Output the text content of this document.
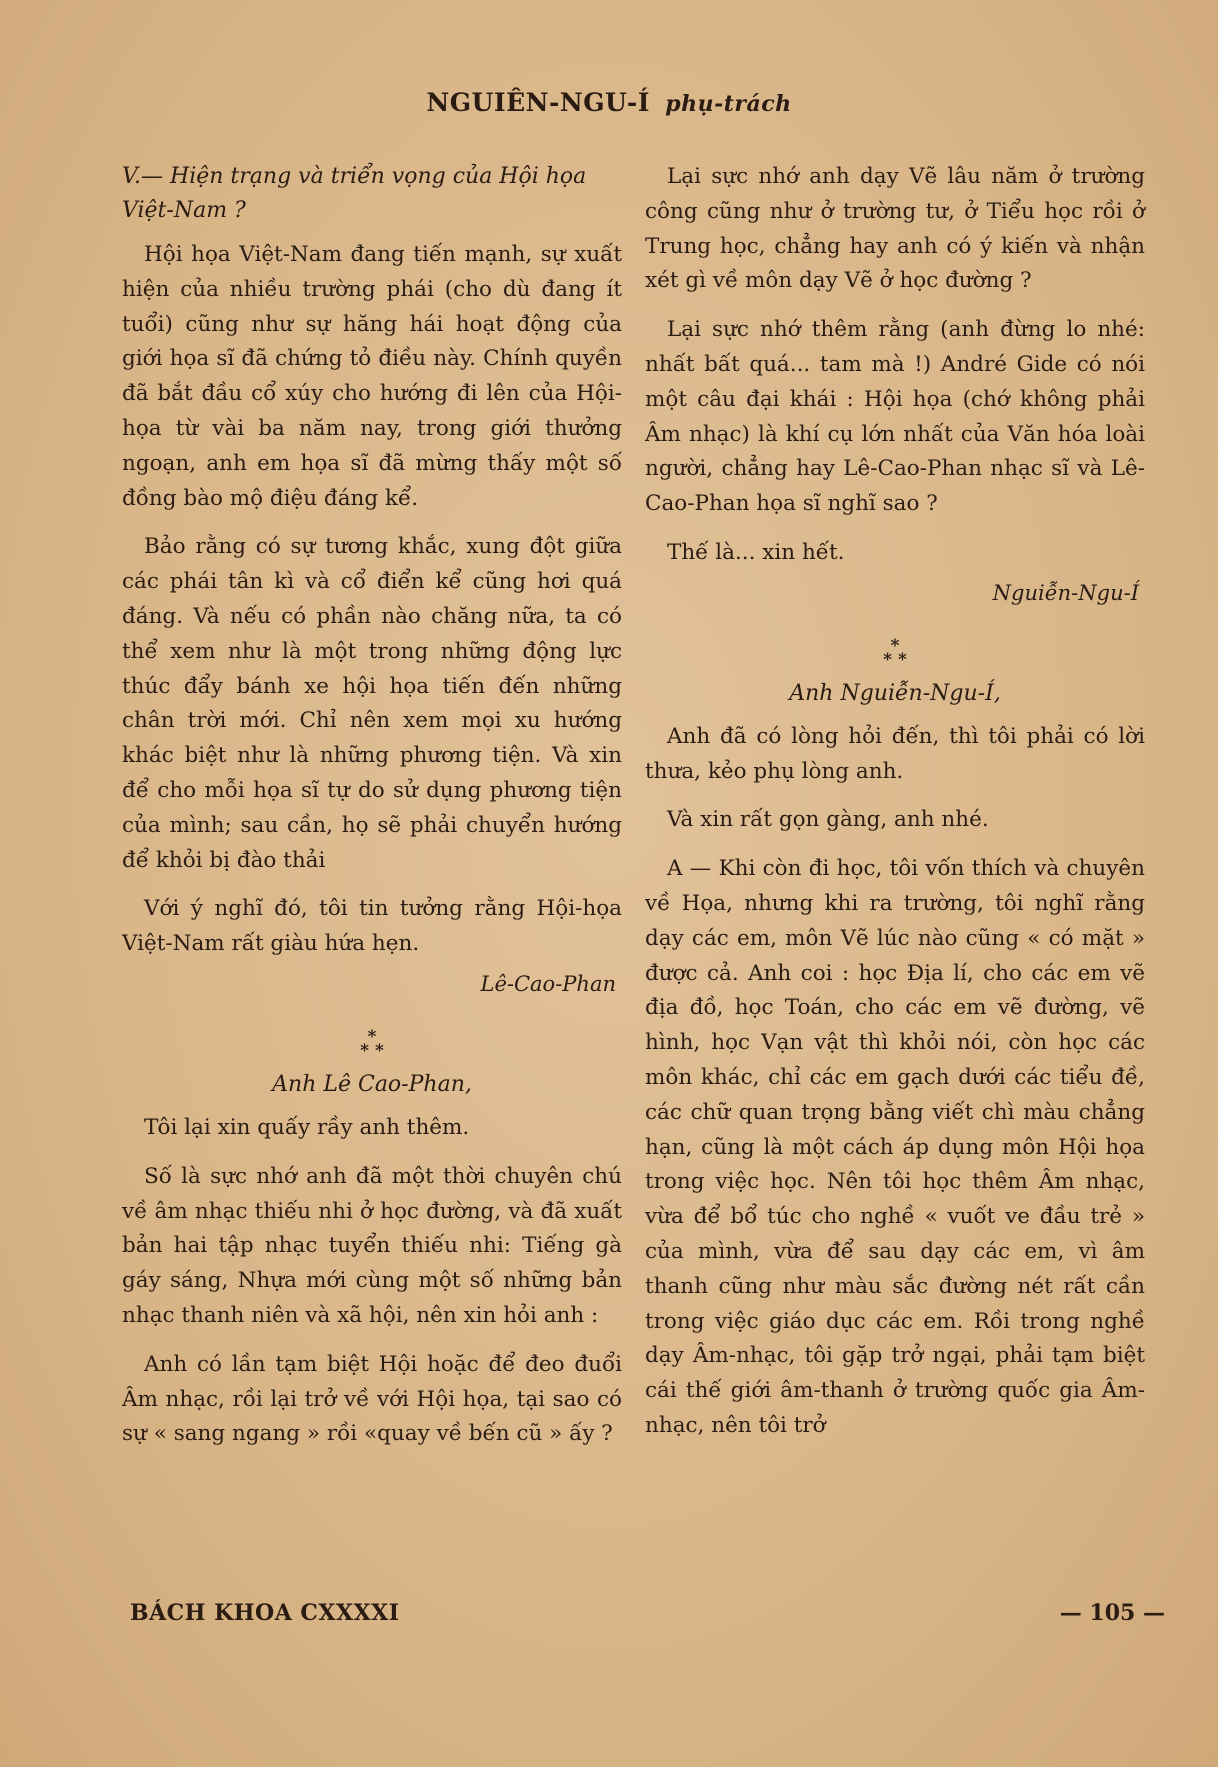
NGUIÊN-NGU-Í phụ-trách
V.— Hiện trạng và triển vọng của Hội họa Việt-Nam ?

Hội họa Việt-Nam đang tiến mạnh, sự xuất hiện của nhiều trường phái (cho dù đang ít tuổi) cũng như sự hăng hái hoạt động của giới họa sĩ đã chứng tỏ điều này. Chính quyền đã bắt đầu cổ xúy cho hướng đi lên của Hội-họa từ vài ba năm nay, trong giới thưởng ngoạn, anh em họa sĩ đã mừng thấy một số đồng bào mộ điệu đáng kể.

Bảo rằng có sự tương khắc, xung đột giữa các phái tân kì và cổ điển kể cũng hơi quá đáng. Và nếu có phần nào chăng nữa, ta có thể xem như là một trong những động lực thúc đẩy bánh xe hội họa tiến đến những chân trời mới. Chỉ nên xem mọi xu hướng khác biệt như là những phương tiện. Và xin để cho mỗi họa sĩ tự do sử dụng phương tiện của mình; sau cần, họ sẽ phải chuyển hướng để khỏi bị đào thải

Với ý nghĩ đó, tôi tin tưởng rằng Hội-họa Việt-Nam rất giàu hứa hẹn.

Lê-Cao-Phan
*
* *
Anh Lê Cao-Phan,

Tôi lại xin quấy rầy anh thêm.

Số là sực nhớ anh đã một thời chuyên chú về âm nhạc thiếu nhi ở học đường, và đã xuất bản hai tập nhạc tuyển thiếu nhi: Tiếng gà gáy sáng, Nhựa mới cùng một số những bản nhạc thanh niên và xã hội, nên xin hỏi anh :

Anh có lần tạm biệt Hội hoặc để đeo đuổi Âm nhạc, rồi lại trở về với Hội họa, tại sao có sự « sang ngang » rồi «quay về bến cũ » ấy ?

Lại sực nhớ anh dạy Vẽ lâu năm ở trường công cũng như ở trường tư, ở Tiểu học rồi ở Trung học, chẳng hay anh có ý kiến và nhận xét gì về môn dạy Vẽ ở học đường ?

Lại sực nhớ thêm rằng (anh đừng lo nhé: nhất bất quá... tam mà !) André Gide có nói một câu đại khái : Hội họa (chớ không phải Âm nhạc) là khí cụ lớn nhất của Văn hóa loài người, chẳng hay Lê-Cao-Phan nhạc sĩ và Lê-Cao-Phan họa sĩ nghĩ sao ?

Thế là... xin hết.

Nguiễn-Ngu-Í
*
* *
Anh Nguiễn-Ngu-Í,

Anh đã có lòng hỏi đến, thì tôi phải có lời thưa, kẻo phụ lòng anh.

Và xin rất gọn gàng, anh nhé.

A — Khi còn đi học, tôi vốn thích và chuyên về Họa, nhưng khi ra trường, tôi nghĩ rằng dạy các em, môn Vẽ lúc nào cũng « có mặt » được cả. Anh coi : học Địa lí, cho các em vẽ địa đồ, học Toán, cho các em vẽ đường, vẽ hình, học Vạn vật thì khỏi nói, còn học các môn khác, chỉ các em gạch dưới các tiểu đề, các chữ quan trọng bằng viết chì màu chẳng hạn, cũng là một cách áp dụng môn Hội họa trong việc học. Nên tôi học thêm Âm nhạc, vừa để bổ túc cho nghề « vuốt ve đầu trẻ » của mình, vừa để sau dạy các em, vì âm thanh cũng như màu sắc đường nét rất cần trong việc giáo dục các em. Rồi trong nghề dạy Âm-nhạc, tôi gặp trở ngại, phải tạm biệt cái thế giới âm-thanh ở trường quốc gia Âm-nhạc, nên tôi trở

BÁCH KHOA CXXXXI	— 105 —
